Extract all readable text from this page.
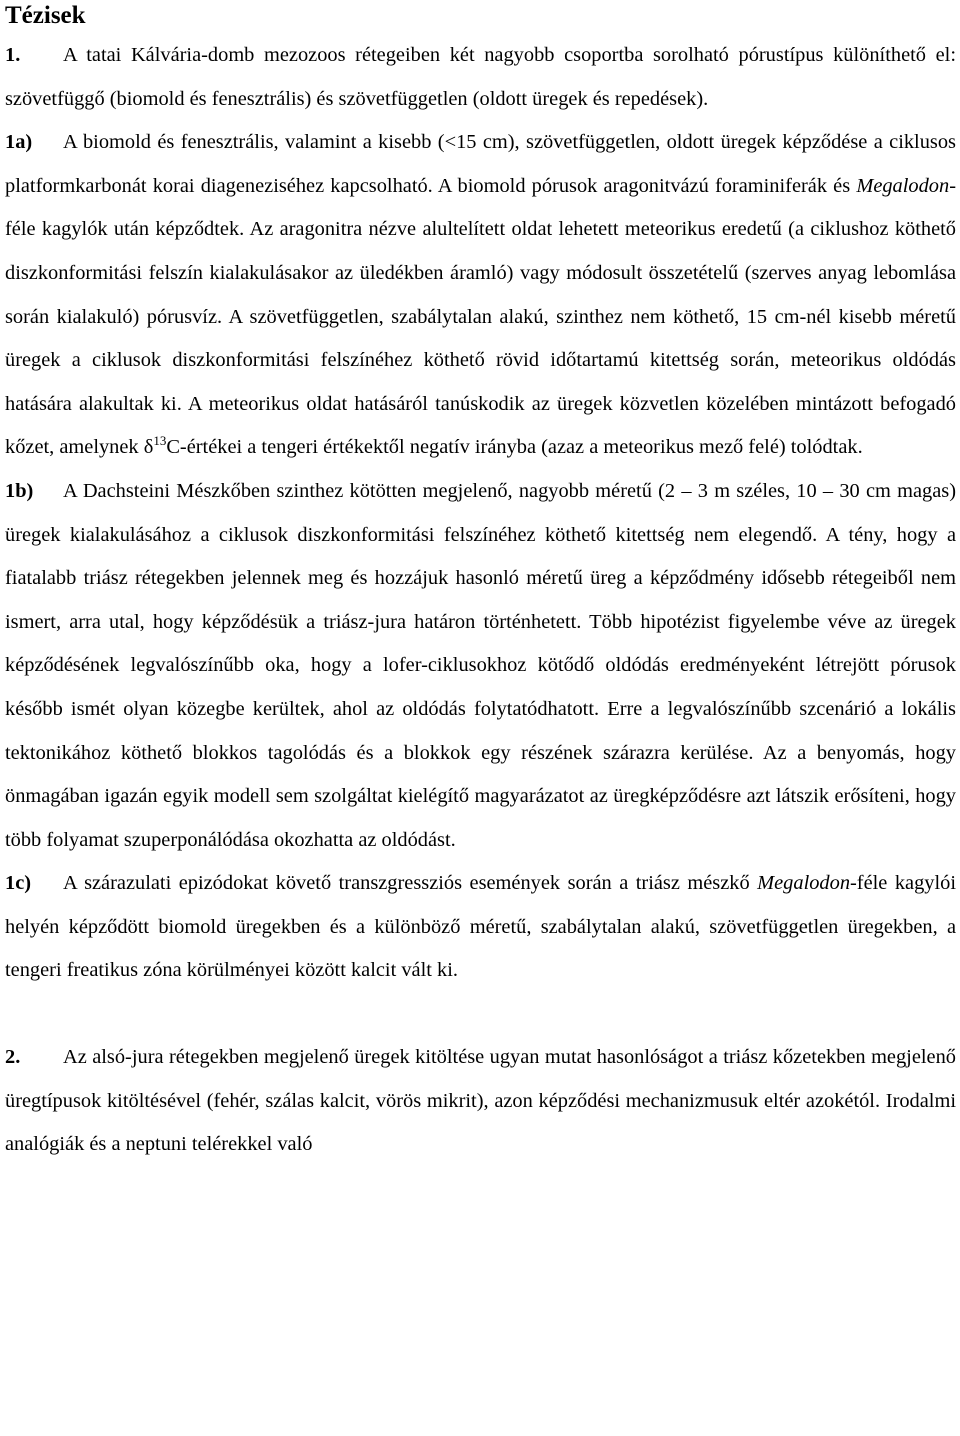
Tézisek

1. A tatai Kálvária-domb mezozoos rétegeiben két nagyobb csoportba sorolható pórustípus különíthető el: szövetfüggő (biomold és fenesztrális) és szövetfüggetlen (oldott üregek és repedések).

1a) A biomold és fenesztrális, valamint a kisebb (<15 cm), szövetfüggetlen, oldott üregek képződése a ciklusos platformkarbonát korai diageneziséhez kapcsolható. A biomold pórusok aragonitvázú foraminiferák és Megalodon-féle kagylók után képződtek. Az aragonitra nézve alultelített oldat lehetett meteorikus eredetű (a ciklushoz köthető diszkonformitási felszín kialakulásakor az üledékben áramló) vagy módosult összetételű (szerves anyag lebomlása során kialakuló) pórusvíz. A szövetfüggetlen, szabálytalan alakú, szinthez nem köthető, 15 cm-nél kisebb méretű üregek a ciklusok diszkonformitási felszínéhez köthető rövid időtartamú kitettség során, meteorikus oldódás hatására alakultak ki. A meteorikus oldat hatásáról tanúskodik az üregek közvetlen közelében mintázott befogadó kőzet, amelynek $\delta^{13}C$-értékei a tengeri értékektől negatív irányba (azaz a meteorikus mező felé) tolódtak.

1b) A Dachsteini Mészkőben szinthez kötötten megjelenő, nagyobb méretű (2 – 3 m széles, 10 – 30 cm magas) üregek kialakulásához a ciklusok diszkonformitási felszínéhez köthető kitettség nem elegendő. A tény, hogy a fiatalabb triász rétegekben jelennek meg és hozzájuk hasonló méretű üreg a képződmény idősebb rétegeiből nem ismert, arra utal, hogy képződésük a triász-jura határon történhetett. Több hipotézist figyelembe véve az üregek képződésének legvalószínűbb oka, hogy a lofer-ciklusokhoz kötődő oldódás eredményeként létrejött pórusok később ismét olyan közegbe kerültek, ahol az oldódás folytatódhatott. Erre a legvalószínűbb szcenárió a lokális tektonikához köthető blokkos tagolódás és a blokkok egy részének szárazra kerülése. Az a benyomás, hogy önmagában igazán egyik modell sem szolgáltat kielégítő magyarázatot az üregképződésre azt látszik erősíteni, hogy több folyamat szuperponálódása okozhatta az oldódást.

1c) A szárazulati epizódokat követő transzgressziós események során a triász mészkő Megalodon-féle kagylói helyén képződött biomold üregekben és a különböző méretű, szabálytalan alakú, szövetfüggetlen üregekben, a tengeri freatikus zóna körülményei között kalcit vált ki.

2. Az alsó-jura rétegekben megjelenő üregek kitöltése ugyan mutat hasonlóságot a triász kőzetekben megjelenő üregtípusok kitöltésével (fehér, szálas kalcit, vörös mikrit), azon képződési mechanizmusuk eltér azokétól. Irodalmi analógiák és a neptuni telérekkel való
